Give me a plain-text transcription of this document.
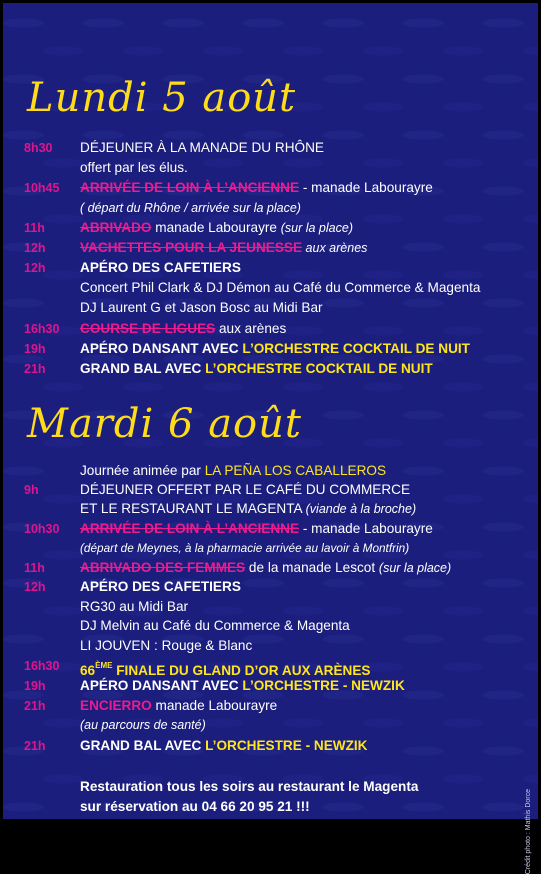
Lundi 5 août
8h30 DÉJEUNER À LA MANADE DU RHÔNE
offert par les élus.
10h45 ARRIVÉE DE LOIN À L’ANCIENNE - manade Labourayre
( départ du Rhône / arrivée sur la place)
11h	ABRIVADO manade Labourayre (sur la place)
12h	VACHETTES POUR LA JEUNESSE aux arènes
12h	APÉRO DES CAFETIERS
Concert Phil Clark & DJ Démon au Café du Commerce & Magenta
DJ Laurent G et Jason Bosc au Midi Bar
16h30 COURSE DE LIGUES aux arènes
19h	APÉRO DANSANT AVEC L’ORCHESTRE COCKTAIL DE NUIT
21h	GRAND BAL AVEC L’ORCHESTRE COCKTAIL DE NUIT
Mardi 6 août
Journée animée par LA PEÑA LOS CABALLEROS
9h	DÉJEUNER OFFERT PAR LE CAFÉ DU COMMERCE
ET LE RESTAURANT LE MAGENTA (viande à la broche)
10h30 ARRIVÉE DE LOIN À L’ANCIENNE - manade Labourayre
(départ de Meynes, à la pharmacie arrivée au lavoir à Montfrin)
11h	ABRIVADO DES FEMMES de la manade Lescot (sur la place)
12h	APÉRO DES CAFETIERS
RG30 au Midi Bar
DJ Melvin au Café du Commerce & Magenta
LI JOUVEN : Rouge & Blanc
16h30 66ÈME FINALE DU GLAND D’OR AUX ARÈNES
19h	APÉRO DANSANT AVEC L’ORCHESTRE - NEWZIK
21h	ENCIERRO manade Labourayre
(au parcours de santé)
21h	GRAND BAL AVEC L’ORCHESTRE - NEWZIK
Restauration tous les soirs au restaurant le Magenta
sur réservation au 04 66 20 95 21 !!!	Crédit photo : Mathis Dorce
